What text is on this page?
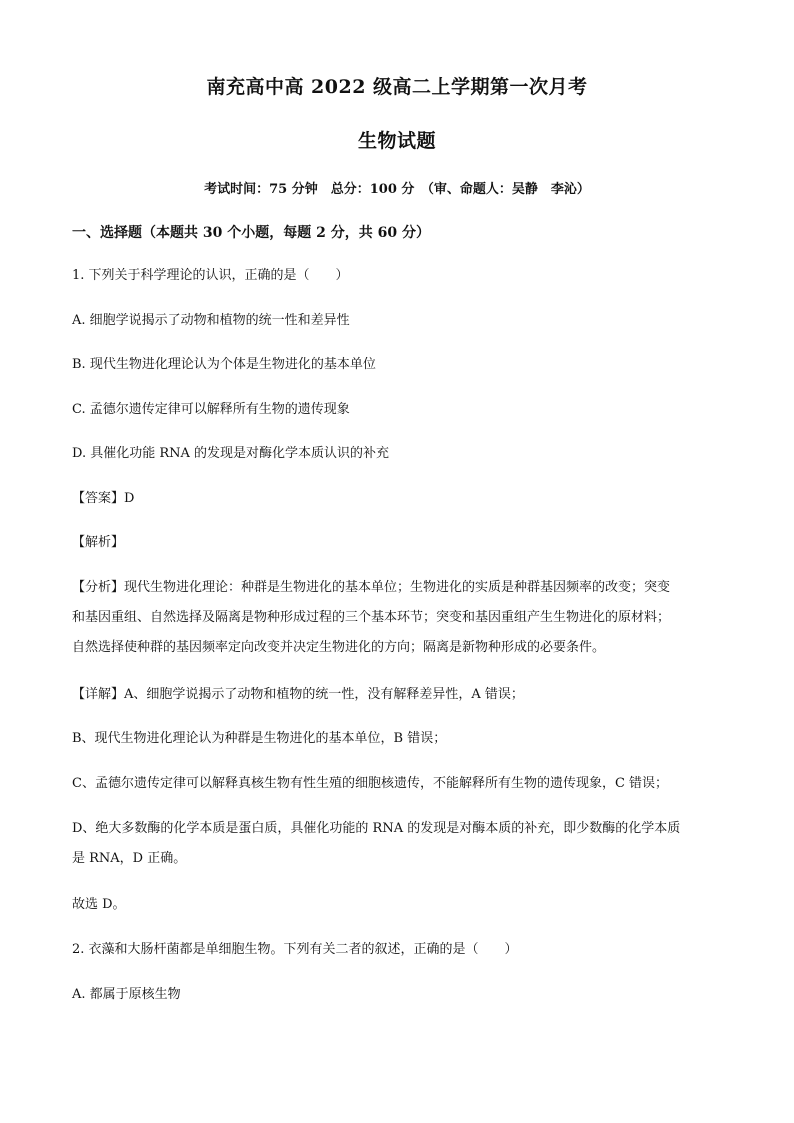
南充高中高 2022 级高二上学期第一次月考
生物试题
考试时间：75 分钟　总分：100 分　（审、命题人：吴静　李沁）
一、选择题（本题共 30 个小题，每题 2 分，共 60 分）
1. 下列关于科学理论的认识，正确的是（　　）
A. 细胞学说揭示了动物和植物的统一性和差异性
B. 现代生物进化理论认为个体是生物进化的基本单位
C. 孟德尔遗传定律可以解释所有生物的遗传现象
D. 具催化功能 RNA 的发现是对酶化学本质认识的补充
【答案】D
【解析】
【分析】现代生物进化理论：种群是生物进化的基本单位；生物进化的实质是种群基因频率的改变；突变
和基因重组、自然选择及隔离是物种形成过程的三个基本环节；突变和基因重组产生生物进化的原材料；
自然选择使种群的基因频率定向改变并决定生物进化的方向；隔离是新物种形成的必要条件。
【详解】A、细胞学说揭示了动物和植物的统一性，没有解释差异性，A 错误；
B、现代生物进化理论认为种群是生物进化的基本单位，B 错误；
C、孟德尔遗传定律可以解释真核生物有性生殖的细胞核遗传，不能解释所有生物的遗传现象，C 错误；
D、绝大多数酶的化学本质是蛋白质，具催化功能的 RNA 的发现是对酶本质的补充，即少数酶的化学本质
是 RNA，D 正确。
故选 D。
2. 衣藻和大肠杆菌都是单细胞生物。下列有关二者的叙述，正确的是（　　）
A. 都属于原核生物
